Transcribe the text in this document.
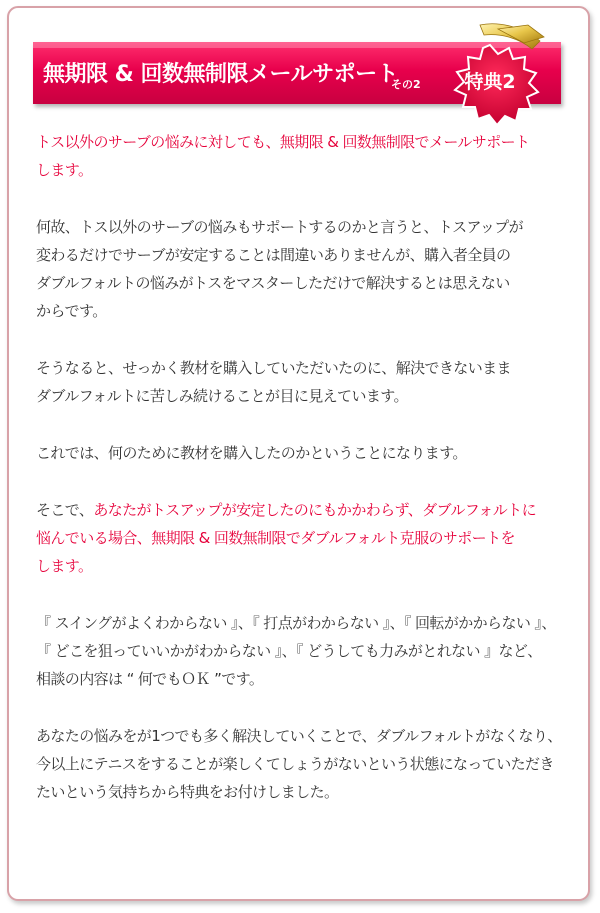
無期限 & 回数無制限メールサポート
その2	特典2

トス以外のサーブの悩みに対しても、無期限 & 回数無制限でメールサポート
します。

何故、トス以外のサーブの悩みもサポートするのかと言うと、トスアップが
変わるだけでサーブが安定することは間違いありませんが、購入者全員の
ダブルフォルトの悩みがトスをマスターしただけで解決するとは思えない
からです。

そうなると、せっかく教材を購入していただいたのに、解決できないまま
ダブルフォルトに苦しみ続けることが目に見えています。

これでは、何のために教材を購入したのかということになります。

そこで、あなたがトスアップが安定したのにもかかわらず、ダブルフォルトに
悩んでいる場合、無期限 & 回数無制限でダブルフォルト克服のサポートを
します。

『 スイングがよくわからない 』、『 打点がわからない 』、『 回転がかからない 』、
『 どこを狙っていいかがわからない 』、『 どうしても力みがとれない 』など、
相談の内容は “ 何でもＯＫ ”です。

あなたの悩みをが1つでも多く解決していくことで、ダブルフォルトがなくなり、
今以上にテニスをすることが楽しくてしょうがないという状態になっていただき
たいという気持ちから特典をお付けしました。
